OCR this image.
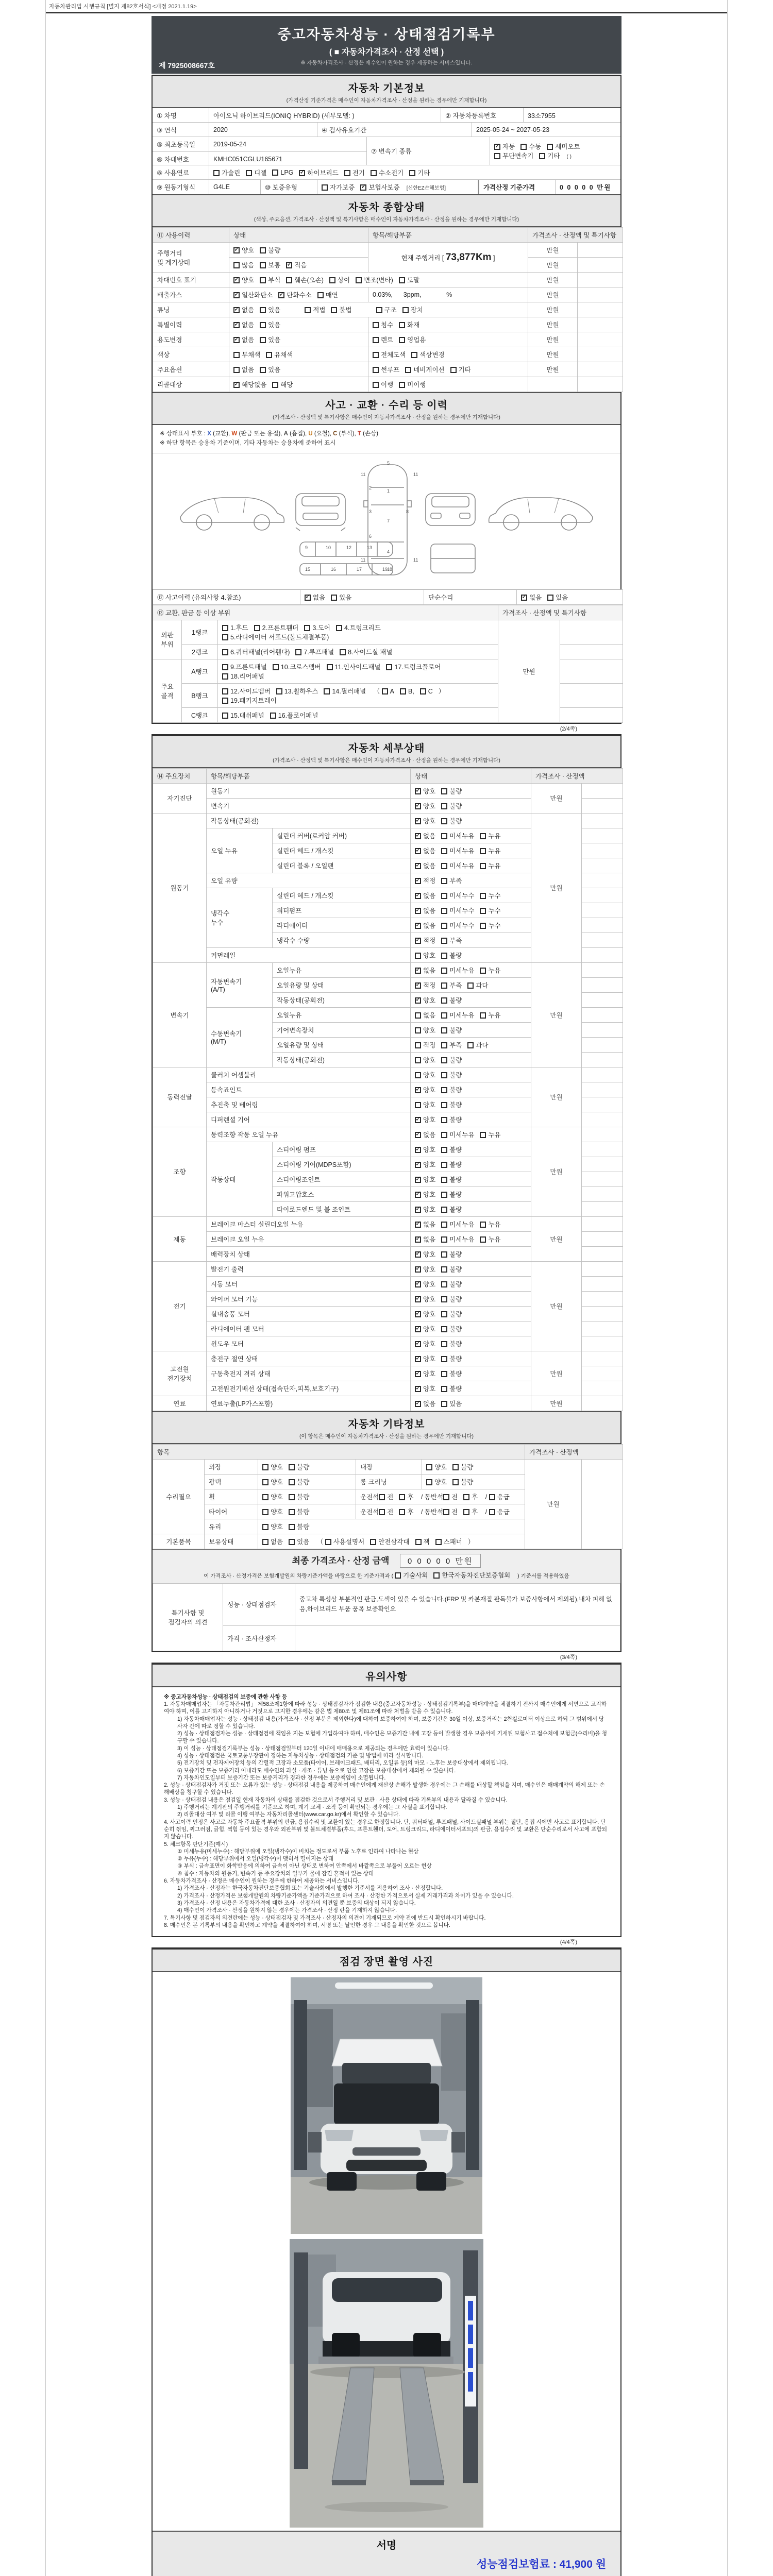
자동차관리법 시행규칙 [별지 제82호서식] <개정 2021.1.19>
중고자동차성능 · 상태점검기록부
( ■ 자동차가격조사 · 산정 선택 )
※ 자동차가격조사 · 산정은 매수인이 원하는 경우 제공하는 서비스입니다.
제 7925008667호
자동차 기본정보
(가격산정 기준가격은 매수인이 자동차가격조사 · 산정을 원하는 경우에만 기재합니다)
① 차명	아이오닉 하이브리드(IONIQ HYBRID) (세부모델: )	② 자동차등록번호	33소7955
③ 연식	2020	④ 검사유효기간	2025-05-24 ~ 2027-05-23
⑤ 최초등록일	2019-05-24
⑥ 차대번호	KMHC051CGLU165671
⑦ 변속기 종류
✓자동 수동 세미오토
무단변속기 기타 ( )
⑧ 사용연료	가솔린	디젤	LPG ✓	하이브리드	전기	수소전기	기타
⑨ 원동기형식	G4LE	⑩ 보증유형	자가보증 ✓ 보험사보증	[신한EZ손해보험]	가격산정 기준가격	0 0 0 0 0 만원
자동차 종합상태
(색상, 주요옵션, 가격조사 · 산정액 및 특기사항은 매수인이 자동차가격조사 · 산정을 원하는 경우에만 기재합니다)
⑪ 사용이력	상태	항목/해당부품	가격조사 · 산정액 및 특기사항	
주행거리
및 계기상태	✓양호 불량	현재 주행거리 [ 73,877Km ]	만원	
	많음 보통 ✓ 적음		만원	
차대번호 표기	✓양호 부식 훼손(오손) 상이 변조(변타) 도말		만원	
배출가스	✓일산화탄소 ✓ 탄화수소 매연	0.03%,      3ppm,              %	만원	
튜닝	✓없음 있음 적법 불법 구조 장치		만원	
특별이력	✓없음 있음	침수 화재	만원	
용도변경	✓없음 있음	렌트 영업용	만원	
색상	무채색 유채색	전체도색 색상변경	만원	
주요옵션	없음 있음	썬루프 네비게이션 기타	만원	
리콜대상	✓해당없음 해당	이행 미이행		
사고 · 교환 · 수리 등 이력
(가격조사 · 산정액 및 특기사항은 매수인이 자동차가격조사 · 산정을 원하는 경우에만 기재합니다)
※ 상태표시 부호 : X (교환), W (판금 또는 용접), A (흠집), U (요철), C (부식), T (손상)
※ 하단 항목은 승용차 기준이며, 기타 자동차는 승용차에 준하여 표시
5
1
7
4
18
2
3
6
8
11	11
11	11
9	10	12	13
15	16	17	19
⑫ 사고이력 (유의사항 4.참조)	✓없음 있음	단순수리	✓없음 있음
⑬ 교환, 판금 등 이상 부위			가격조사 · 산정액 및 특기사항	
외판
부위	1랭크	1.후드 2.프론트휀더 3.도어 4.트렁크리드
5.라디에이터 서포트(볼트체결부품)	만원	
	2랭크	6.쿼터패널(리어휀다) 7.루프패널 8.사이드실 패널		
주요
골격	A랭크	9.프론트패널 10.크로스멤버 11.인사이드패널 17.트렁크플로어
18.리어패널		
	B랭크	12.사이드멤버 13.휠하우스 14.필러패널 （ A B, C ）
19.패키지트레이		
	C랭크	15.대쉬패널 16.플로어패널		
(2/4쪽)
자동차 세부상태
(가격조사 · 산정액 및 특기사항은 매수인이 자동차가격조사 · 산정을 원하는 경우에만 기재합니다)
⑭ 주요장치	항목/해당부품		상태	가격조사 · 산정액	
자기진단	원동기	✓양호 불량	만원	
	변속기	✓양호 불량	
원동기	작동상태(공회전)	✓양호 불량	만원	
	오일 누유	실린더 커버(로커암 커버)	✓없음 미세누유 누유	
		실린더 헤드 / 개스킷	✓없음 미세누유 누유	
		실린더 블록 / 오일팬	✓없음 미세누유 누유	
	오일 유량	✓적정 부족	
	냉각수
누수	실린더 헤드 / 개스킷	✓없음 미세누수 누수	
		워터펌프	✓없음 미세누수 누수	
		라디에이터	✓없음 미세누수 누수	
		냉각수 수량	✓적정 부족	
	커먼레일		양호 불량		
변속기	자동변속기
(A/T)	오일누유	✓없음 미세누유 누유	만원	
		오일유량 및 상태	✓적정 부족 과다	
		작동상태(공회전)	✓양호 불량	
	수동변속기
(M/T)	오일누유	없음 미세누유 누유		
		기어변속장치	양호 불량		
		오일유량 및 상태	적정 부족 과다		
		작동상태(공회전)	양호 불량		
동력전달	클러치 어셈블리		양호 불량	만원	
	등속죠인트	✓양호 불량	
	추진축 및 베어링		양호 불량		
	디퍼렌셜 기어	✓양호 불량	
조향	동력조향 작동 오일 누유	✓없음 미세누유 누유	만원	
	작동상태	스티어링 펌프	✓양호 불량	
		스티어링 기어(MDPS포함)	✓양호 불량	
		스티어링조인트	✓양호 불량	
		파워고압호스	✓양호 불량	
		타이로드엔드 및 볼 조인트	✓양호 불량	
제동	브레이크 마스터 실린더오일 누유	✓없음 미세누유 누유	만원	
	브레이크 오일 누유	✓없음 미세누유 누유	
	배력장치 상태	✓양호 불량	
전기	발전기 출력	✓양호 불량	만원	
	시동 모터	✓양호 불량	
	와이퍼 모터 기능	✓양호 불량	
	실내송풍 모터	✓양호 불량	
	라디에이터 팬 모터	✓양호 불량	
	윈도우 모터	✓양호 불량	
고전원
전기장치	충전구 절연 상태	✓양호 불량	만원	
	구동축전지 격리 상태	✓양호 불량	
	고전원전기배선 상태(접속단자,피복,보호기구)	✓양호 불량	
연료	연료누출(LP가스포함)	✓없음 있음	만원	
자동차 기타정보
(이 항목은 매수인이 자동차가격조사 · 산정을 원하는 경우에만 기재합니다)
항목					가격조사 · 산정액	
수리필요	외장	양호 불량	내장	양호 불량	만원	
	광택	양호 불량	룸 크리닝	양호 불량		
	휠	양호 불량	운전석 전 후 / 동반석 전 후 / 응급			
	타이어	양호 불량	운전석 전 후 / 동반석 전 후 / 응급			
	유리	양호 불량				
기본품목	보유상태	없음 있음 （ 사용설명서 안전삼각대 잭 스패너 ）				
최종 가격조사 · 산정 금액 0 0 0 0 0 만원
이 가격조사 · 산정가격은 보험개발원의 차량기준가액을 바탕으로 한 기준가격과 ( 기술사회 한국자동차진단보증협회 ) 기준서를 적용하였음
특기사항 및
점검자의 의견	성능 · 상태점검자	중고차 특성상 부분적인 판금,도색이 있을 수 있습니다.(FRP 및 카본재질 판독불가 보증사항에서 제외됨),내차 피해 없음,하이브리드 부품 품목 보증확인요
	가격 · 조사산정자	
(3/4쪽)
유의사항

※ 중고자동차성능 · 상태점검의 보증에 관한 사항 등

1. 자동차매매업자는 「자동차관리법」 제58조제1항에 따라 성능 · 상태점검자가 점검한 내용(중고자동차성능 · 상태점검기록부)을 매매계약을 체결하기 전까지 매수인에게 서면으로 고지하여야 하며, 이를 고지하지 아니하거나 거짓으로 고지한 경우에는 같은 법 제80조 및 제81조에 따라 처벌을 받을 수 있습니다.

1) 자동차매매업자는 성능 · 상태점검 내용(가격조사 · 산정 부분은 제외한다)에 대하여 보증하여야 하며, 보증기간은 30일 이상, 보증거리는 2천킬로미터 이상으로 하되 그 범위에서 당사자 간에 따로 정할 수 있습니다.

2) 성능 · 상태점검자는 성능 · 상태점검에 책임을 지는 보험에 가입하여야 하며, 매수인은 보증기간 내에 고장 등이 발생한 경우 보증서에 기재된 보험사고 접수처에 보험금(수리비)을 청구할 수 있습니다.

3) 이 성능 · 상태점검기록부는 성능 · 상태점검일부터 120일 이내에 매매용으로 제공되는 경우에만 효력이 있습니다.

4) 성능 · 상태점검은 국토교통부장관이 정하는 자동차성능 · 상태점검의 기준 및 방법에 따라 실시합니다.

5) 전기장치 및 전자제어장치 등의 간헐적 고장과 소모품(타이어, 브레이크패드, 배터리, 오일류 등)의 마모 · 노후는 보증대상에서 제외됩니다.

6) 보증기간 또는 보증거리 이내라도 매수인의 과실 · 개조 · 튜닝 등으로 인한 고장은 보증대상에서 제외될 수 있습니다.

7) 자동차인도일부터 보증기간 또는 보증거리가 경과한 경우에는 보증책임이 소멸됩니다.

2. 성능 · 상태점검자가 거짓 또는 오류가 있는 성능 · 상태점검 내용을 제공하여 매수인에게 재산상 손해가 발생한 경우에는 그 손해를 배상할 책임을 지며, 매수인은 매매계약의 해제 또는 손해배상을 청구할 수 있습니다.

3. 성능 · 상태점검 내용은 점검일 현재 자동차의 상태를 점검한 것으로서 주행거리 및 보관 · 사용 상태에 따라 기록부의 내용과 달라질 수 있습니다.

1) 주행거리는 계기판의 주행거리를 기준으로 하며, 계기 교체 · 조작 등이 확인되는 경우에는 그 사실을 표기합니다.

2) 리콜대상 여부 및 리콜 이행 여부는 자동차리콜센터(www.car.go.kr)에서 확인할 수 있습니다.

4. 사고이력 인정은 사고로 자동차 주요골격 부위의 판금, 용접수리 및 교환이 있는 경우로 한정합니다. 단, 쿼터패널, 루프패널, 사이드실패널 부위는 절단, 용접 시에만 사고로 표기합니다. 단순히 꺾임, 찌그러짐, 긁힘, 찍힘 등이 있는 경우와 외판부위 및 볼트체결부품(후드, 프론트휀더, 도어, 트렁크리드, 라디에이터서포트)의 판금, 용접수리 및 교환은 단순수리로서 사고에 포함되지 않습니다.

5. 체크항목 판단기준(예시)

① 미세누유(미세누수) : 해당부위에 오일(냉각수)이 비치는 정도로서 부품 노후로 인하여 나타나는 현상

② 누유(누수) : 해당부위에서 오일(냉각수)이 맺혀서 떨어지는 상태

③ 부식 : 금속표면이 화학반응에 의하여 금속이 아닌 상태로 변하여 안쪽에서 바깥쪽으로 부풀어 오르는 현상

④ 침수 : 자동차의 원동기, 변속기 등 주요장치의 일부가 물에 잠긴 흔적이 있는 상태

6. 자동차가격조사 · 산정은 매수인이 원하는 경우에 한하여 제공하는 서비스입니다.

1) 가격조사 · 산정자는 한국자동차진단보증협회 또는 기술사회에서 발행한 기준서를 적용하여 조사 · 산정합니다.

2) 가격조사 · 산정가격은 보험개발원의 차량기준가액을 기준가격으로 하여 조사 · 산정한 가격으로서 실제 거래가격과 차이가 있을 수 있습니다.

3) 가격조사 · 산정 내용은 자동차가격에 대한 조사 · 산정자의 의견일 뿐 보증의 대상이 되지 않습니다.

4) 매수인이 가격조사 · 산정을 원하지 않는 경우에는 가격조사 · 산정 란을 기재하지 않습니다.

7. 특기사항 및 점검자의 의견란에는 성능 · 상태점검자 및 가격조사 · 산정자의 의견이 기재되므로 계약 전에 반드시 확인하시기 바랍니다.

8. 매수인은 본 기록부의 내용을 확인하고 계약을 체결하여야 하며, 서명 또는 날인한 경우 그 내용을 확인한 것으로 봅니다.

(4/4쪽)
점검 장면 촬영 사진
서명
성능점검보험료 : 41,900 원
